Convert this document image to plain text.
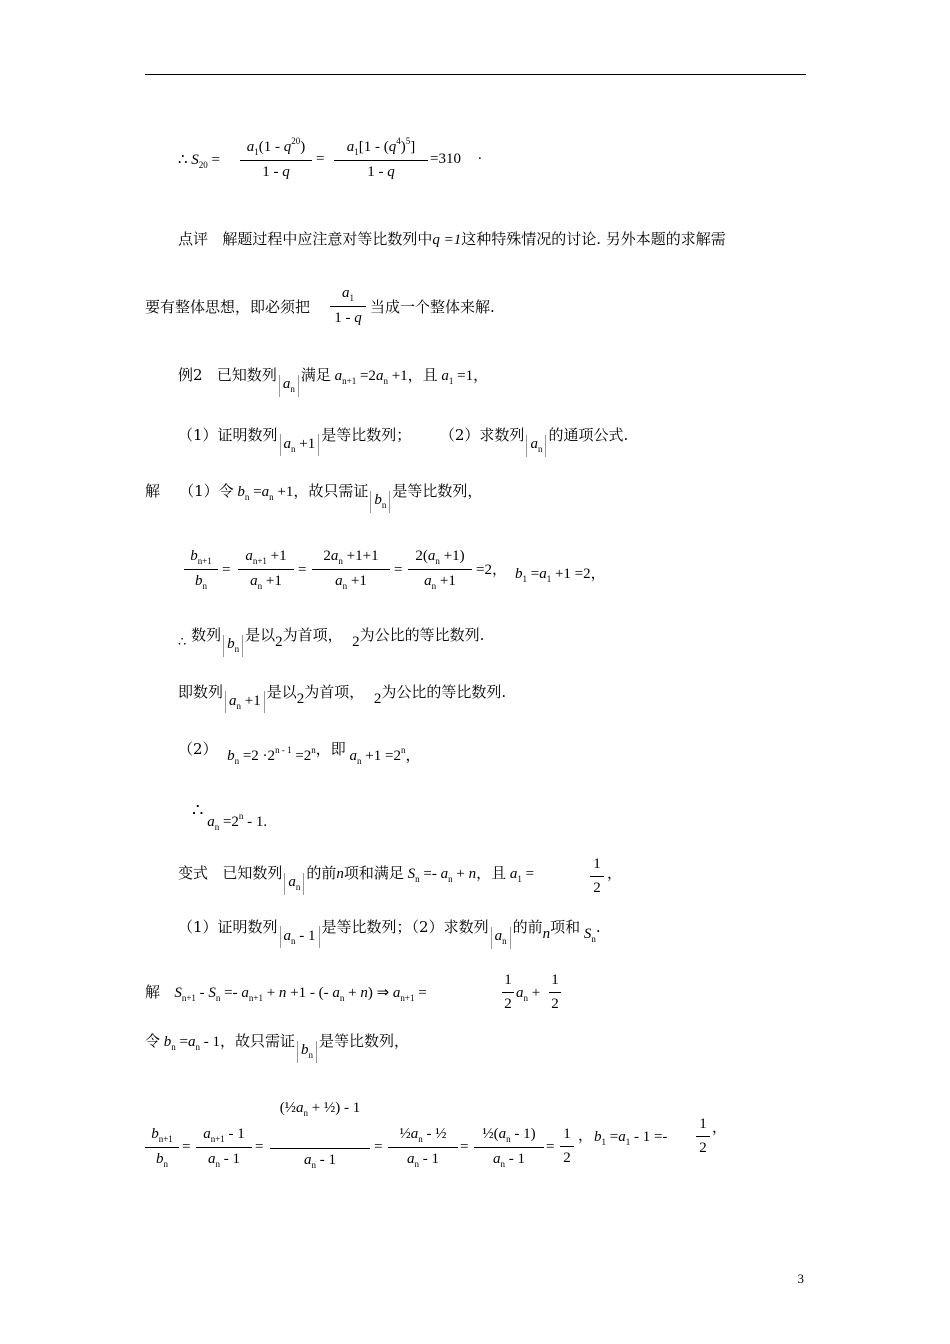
∴ $S_{20}$ =
$a_1(1 - q^{20})$
1 - q
=
$a_1[1 - (q^4)^5]$
1 - q
=310 .
点评 解题过程中应注意对等比数列中q =1这种特殊情况的讨论. 另外本题的求解需
要有整体思想，即必须把
$a_1$
1 - q
当成一个整体来解.
例2 已知数列 $a_n$满足 $a_{n+1} =2a_n +1$，且 $a_1 =1$，
（1）证明数列 $a_n +1$ 是等比数列； （2）求数列 $a_n$的通项公式.
解 （1）令 $b_n =a_n +1$，故只需证 $b_n$是等比数列，
$b_{n+1}$
$b_n$
=
$a_{n+1} +1$
$a_n +1$
=
$2a_n +1+1$
$a_n +1$
=
$2(a_n +1)$
$a_n +1$
=2， $b_1 =a_1 +1 =2$，
∴ 数列 $b_n$是以2为首项， 2为公比的等比数列.
即数列 $a_n +1$ 是以2为首项， 2为公比的等比数列.
（2） $b_n =2 \cdot 2^{n - 1} =2^n$，即 $a_n +1 =2^n$，
∴ $a_n =2^n - 1$.
变式 已知数列 $a_n$的前n项和满足 $S_n =- a_n + n$，且 $a_1$ =
1
2
，
（1）证明数列 $a_n - 1$ 是等比数列；（2）求数列 $a_n$的前n项和 $S_n$.
解 $S_{n+1} - S_n =- a_{n+1} + n +1$ - (- $a_n + n$) ⇒ $a_{n+1}$ =
1
2
$a_n$ +
1
2
令 $b_n =a_n - 1$，故只需证 $b_n$是等比数列，
$b_{n+1}$
$b_n$
=
$a_{n+1} - 1$
$a_n - 1$
=
($\frac{1}{2}a_n$ + ½) - 1
$a_n - 1$
=
$\frac{1}{2}a_n$ - ½
$a_n - 1$
=
$\frac{1}{2}(a_n - 1)$
$a_n - 1$
=
1
2
， $b_1 =a_1 - 1$ =-
1
2
，
3
